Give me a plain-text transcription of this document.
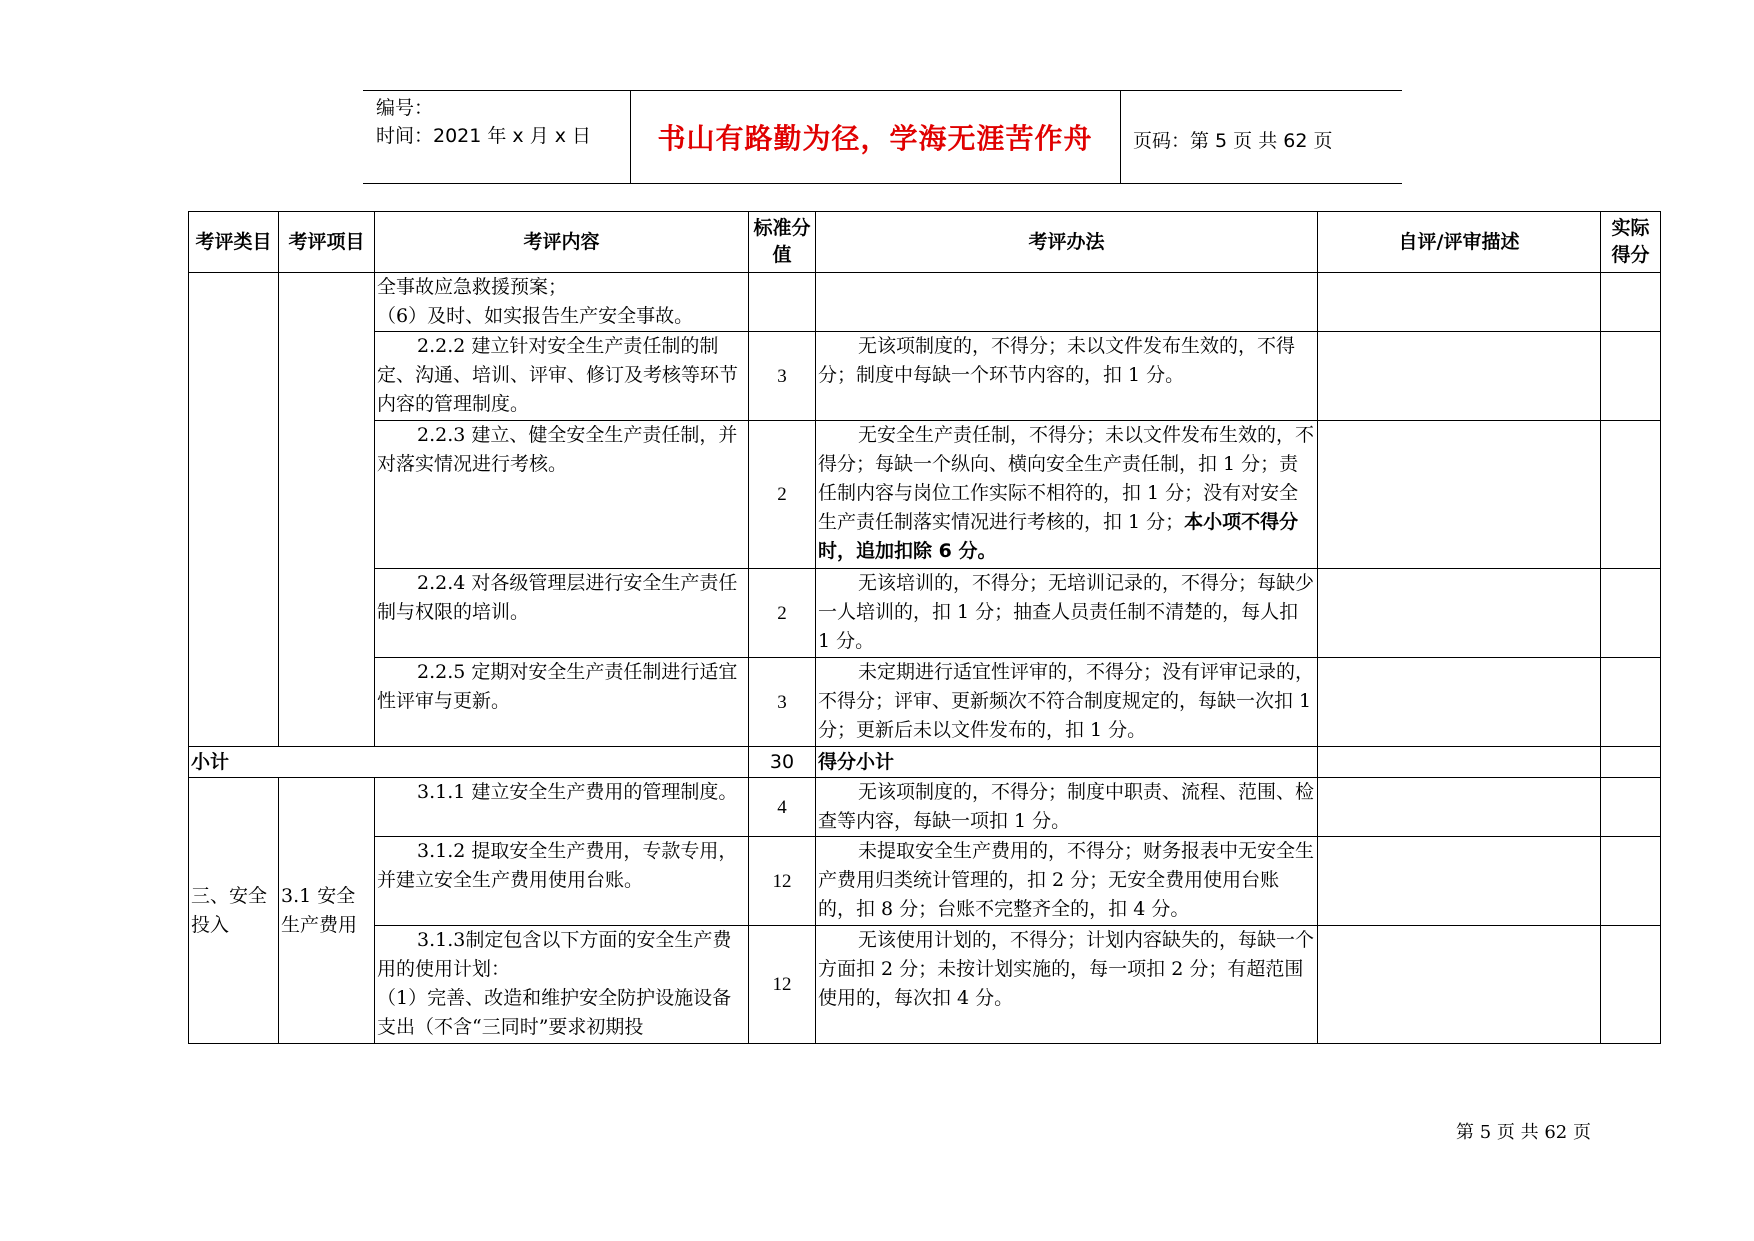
编号：
时间：2021 年 x 月 x 日	书山有路勤为径，学海无涯苦作舟	页码：第 5 页 共 62 页
考评类目	考评项目	考评内容	标准分值	考评办法	自评/评审描述	实际得分

		全事故应急救援预案；
（6）及时、如实报告生产安全事故。				

		2.2.2 建立针对安全生产责任制的制定、沟通、培训、评审、修订及考核等环节内容的管理制度。	3	无该项制度的，不得分；未以文件发布生效的，不得分；制度中每缺一个环节内容的，扣 1 分。		
		2.2.3 建立、健全安全生产责任制，并对落实情况进行考核。	2	无安全生产责任制，不得分；未以文件发布生效的，不得分；每缺一个纵向、横向安全生产责任制，扣 1 分；责任制内容与岗位工作实际不相符的，扣 1 分；没有对安全生产责任制落实情况进行考核的，扣 1 分；本小项不得分时，追加扣除 6 分。		
		2.2.4 对各级管理层进行安全生产责任制与权限的培训。	2	无该培训的，不得分；无培训记录的，不得分；每缺少一人培训的，扣 1 分；抽查人员责任制不清楚的，每人扣 1 分。		
		2.2.5 定期对安全生产责任制进行适宜性评审与更新。	3	未定期进行适宜性评审的，不得分；没有评审记录的，不得分；评审、更新频次不符合制度规定的，每缺一次扣 1 分；更新后未以文件发布的，扣 1 分。		
小计			30	得分小计		
三、安全投入	3.1 安全生产费用	3.1.1 建立安全生产费用的管理制度。	4	无该项制度的，不得分；制度中职责、流程、范围、检查等内容，每缺一项扣 1 分。		
		3.1.2 提取安全生产费用，专款专用，并建立安全生产费用使用台账。	12	未提取安全生产费用的，不得分；财务报表中无安全生产费用归类统计管理的，扣 2 分；无安全费用使用台账的，扣 8 分；台账不完整齐全的，扣 4 分。		
		3.1.3制定包含以下方面的安全生产费用的使用计划：
（1）完善、改造和维护安全防护设施设备支出（不含“三同时”要求初期投	12	无该使用计划的，不得分；计划内容缺失的，每缺一个方面扣 2 分；未按计划实施的，每一项扣 2 分；有超范围使用的，每次扣 4 分。		
第 5 页 共 62 页
